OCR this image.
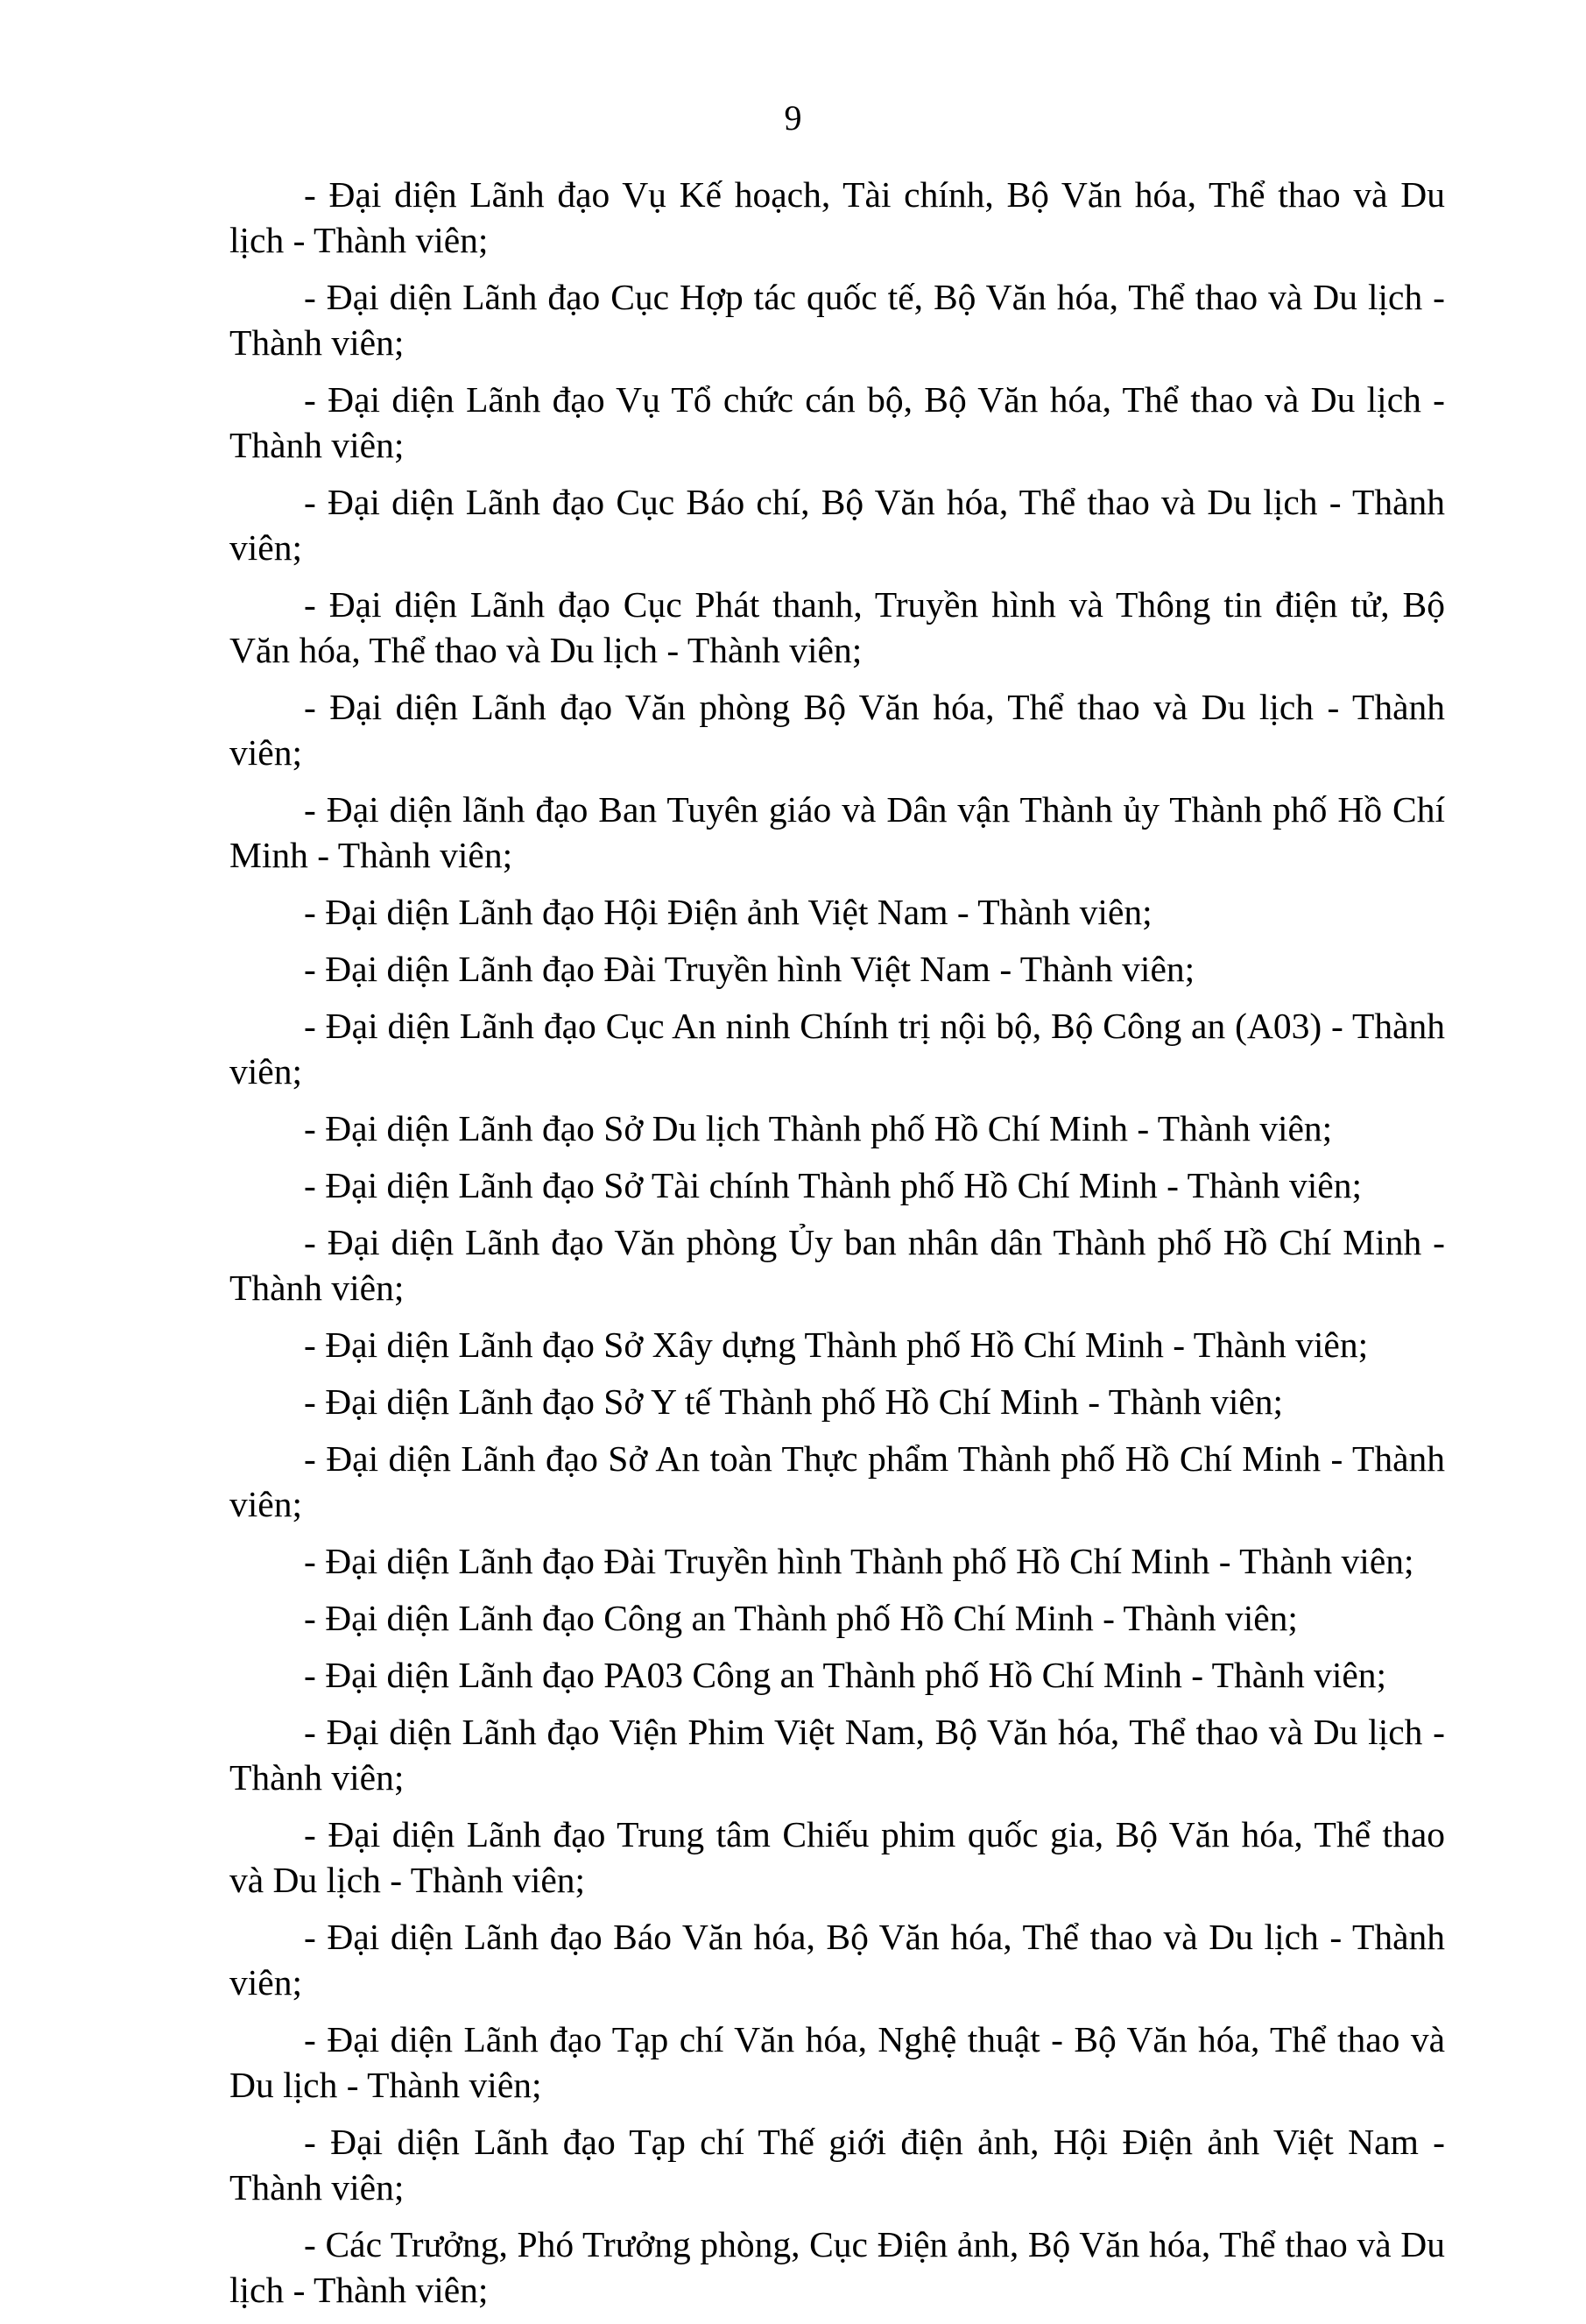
9

- Đại diện Lãnh đạo Vụ Kế hoạch, Tài chính, Bộ Văn hóa, Thể thao và Du lịch - Thành viên;

- Đại diện Lãnh đạo Cục Hợp tác quốc tế, Bộ Văn hóa, Thể thao và Du lịch - Thành viên;

- Đại diện Lãnh đạo Vụ Tổ chức cán bộ, Bộ Văn hóa, Thể thao và Du lịch - Thành viên;

- Đại diện Lãnh đạo Cục Báo chí, Bộ Văn hóa, Thể thao và Du lịch - Thành viên;

- Đại diện Lãnh đạo Cục Phát thanh, Truyền hình và Thông tin điện tử, Bộ Văn hóa, Thể thao và Du lịch - Thành viên;

- Đại diện Lãnh đạo Văn phòng Bộ Văn hóa, Thể thao và Du lịch - Thành viên;

- Đại diện lãnh đạo Ban Tuyên giáo và Dân vận Thành ủy Thành phố Hồ Chí Minh - Thành viên;

- Đại diện Lãnh đạo Hội Điện ảnh Việt Nam - Thành viên;

- Đại diện Lãnh đạo Đài Truyền hình Việt Nam - Thành viên;

- Đại diện Lãnh đạo Cục An ninh Chính trị nội bộ, Bộ Công an (A03) - Thành viên;

- Đại diện Lãnh đạo Sở Du lịch Thành phố Hồ Chí Minh - Thành viên;

- Đại diện Lãnh đạo Sở Tài chính Thành phố Hồ Chí Minh - Thành viên;

- Đại diện Lãnh đạo Văn phòng Ủy ban nhân dân Thành phố Hồ Chí Minh - Thành viên;

- Đại diện Lãnh đạo Sở Xây dựng Thành phố Hồ Chí Minh - Thành viên;

- Đại diện Lãnh đạo Sở Y tế Thành phố Hồ Chí Minh - Thành viên;

- Đại diện Lãnh đạo Sở An toàn Thực phẩm Thành phố Hồ Chí Minh - Thành viên;

- Đại diện Lãnh đạo Đài Truyền hình Thành phố Hồ Chí Minh - Thành viên;

- Đại diện Lãnh đạo Công an Thành phố Hồ Chí Minh - Thành viên;

- Đại diện Lãnh đạo PA03 Công an Thành phố Hồ Chí Minh - Thành viên;

- Đại diện Lãnh đạo Viện Phim Việt Nam, Bộ Văn hóa, Thể thao và Du lịch - Thành viên;

- Đại diện Lãnh đạo Trung tâm Chiếu phim quốc gia, Bộ Văn hóa, Thể thao và Du lịch - Thành viên;

- Đại diện Lãnh đạo Báo Văn hóa, Bộ Văn hóa, Thể thao và Du lịch - Thành viên;

- Đại diện Lãnh đạo Tạp chí Văn hóa, Nghệ thuật - Bộ Văn hóa, Thể thao và Du lịch - Thành viên;

- Đại diện Lãnh đạo Tạp chí Thế giới điện ảnh, Hội Điện ảnh Việt Nam - Thành viên;

- Các Trưởng, Phó Trưởng phòng, Cục Điện ảnh, Bộ Văn hóa, Thể thao và Du lịch - Thành viên;
